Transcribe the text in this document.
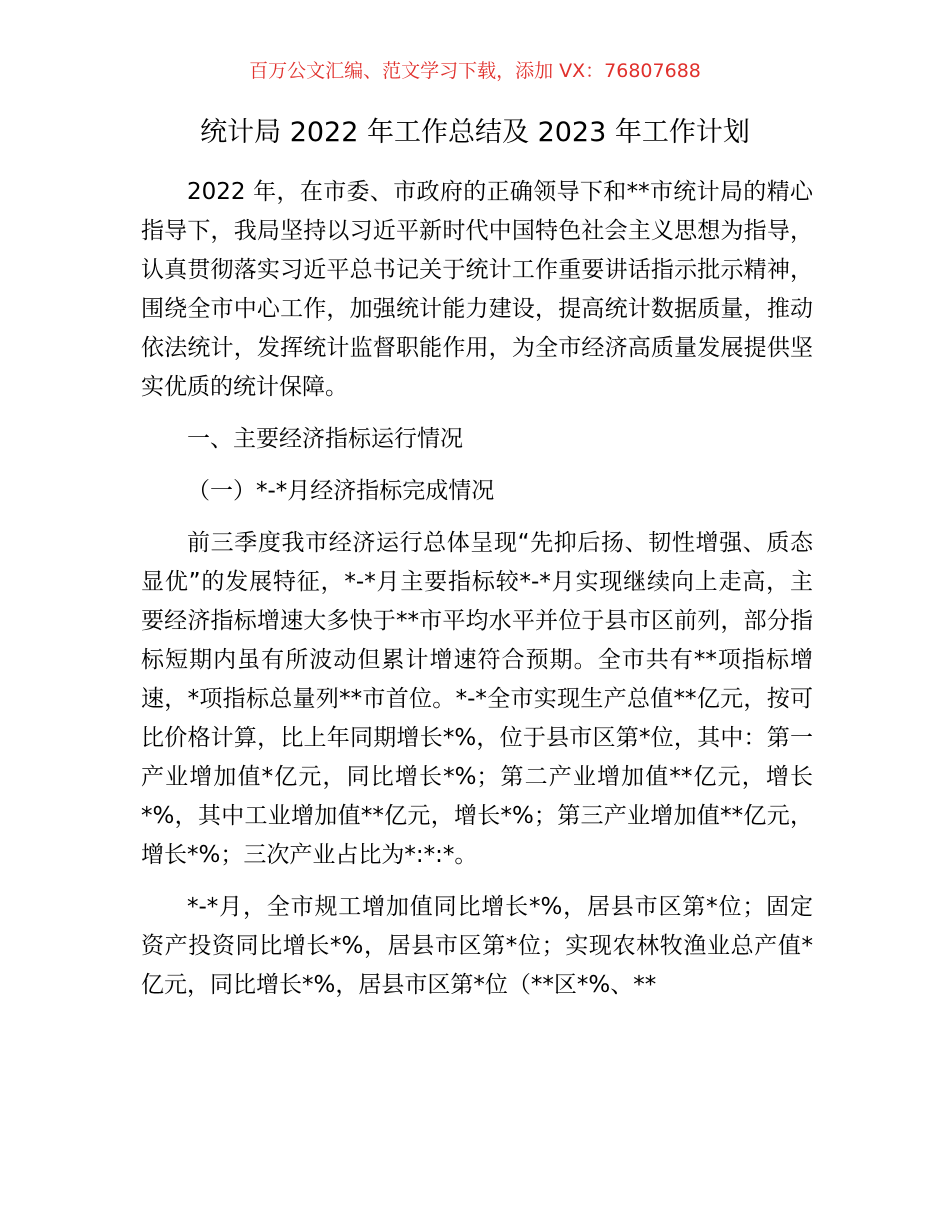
百万公文汇编、范文学习下载，添加 VX：76807688
统计局 2022 年工作总结及 2023 年工作计划

2022 年，在市委、市政府的正确领导下和**市统计局的精心指导下，我局坚持以习近平新时代中国特色社会主义思想为指导，认真贯彻落实习近平总书记关于统计工作重要讲话指示批示精神，围绕全市中心工作，加强统计能力建设，提高统计数据质量，推动依法统计，发挥统计监督职能作用，为全市经济高质量发展提供坚实优质的统计保障。

一、主要经济指标运行情况

（一）*-*月经济指标完成情况

前三季度我市经济运行总体呈现“先抑后扬、韧性增强、质态显优”的发展特征，*-*月主要指标较*-*月实现继续向上走高，主要经济指标增速大多快于**市平均水平并位于县市区前列，部分指标短期内虽有所波动但累计增速符合预期。全市共有**项指标增速，*项指标总量列**市首位。*-*全市实现生产总值**亿元，按可比价格计算，比上年同期增长*%，位于县市区第*位，其中：第一产业增加值*亿元，同比增长*%；第二产业增加值**亿元，增长*%，其中工业增加值**亿元，增长*%；第三产业增加值**亿元，增长*%；三次产业占比为*:*:*。

*-*月，全市规工增加值同比增长*%，居县市区第*位；固定资产投资同比增长*%，居县市区第*位；实现农林牧渔业总产值*亿元，同比增长*%，居县市区第*位（**区*%、**
